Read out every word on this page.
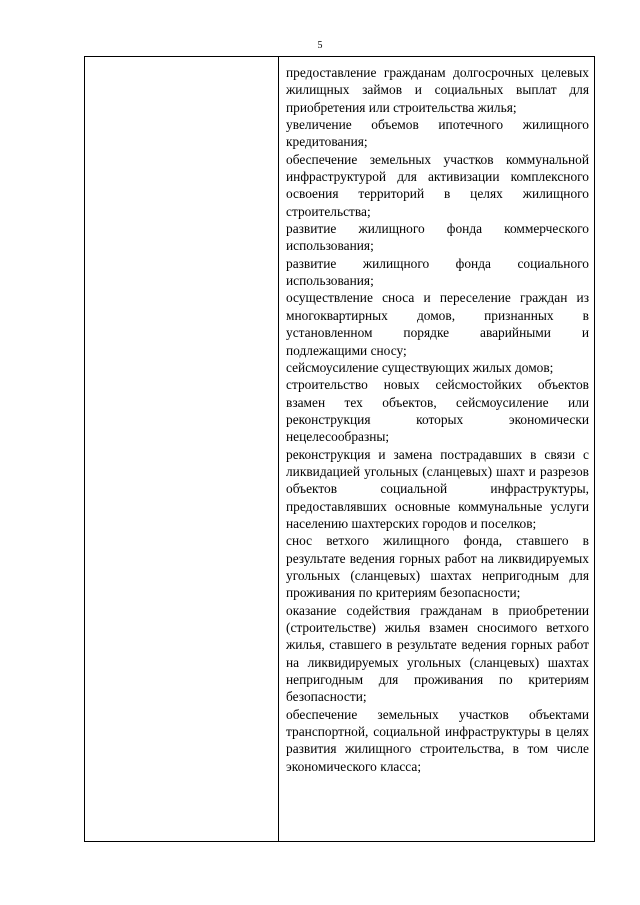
5

предоставление гражданам долгосрочных целевых жилищных займов и социальных выплат для приобретения или строительства жилья;

увеличение объемов ипотечного жилищного кредитования;

обеспечение земельных участков коммунальной инфраструктурой для активизации комплексного освоения территорий в целях жилищного строительства;

развитие жилищного фонда коммерческого использования;

развитие жилищного фонда социального использования;

осуществление сноса и переселение граждан из многоквартирных домов, признанных в установленном порядке аварийными и подлежащими сносу;

сейсмоусиление существующих жилых домов;

строительство новых сейсмостойких объектов взамен тех объектов, сейсмоусиление или реконструкция которых экономически нецелесообразны;

реконструкция и замена пострадавших в связи с ликвидацией угольных (сланцевых) шахт и разрезов объектов социальной инфраструктуры, предоставлявших основные коммунальные услуги населению шахтерских городов и поселков;

снос ветхого жилищного фонда, ставшего в результате ведения горных работ на ликвидируемых угольных (сланцевых) шахтах непригодным для проживания по критериям безопасности;

оказание содействия гражданам в приобретении (строительстве) жилья взамен сносимого ветхого жилья, ставшего в результате ведения горных работ на ликвидируемых угольных (сланцевых) шахтах непригодным для проживания по критериям безопасности;

обеспечение земельных участков объектами транспортной, социальной инфраструктуры в целях развития жилищного строительства, в том числе экономического класса;
